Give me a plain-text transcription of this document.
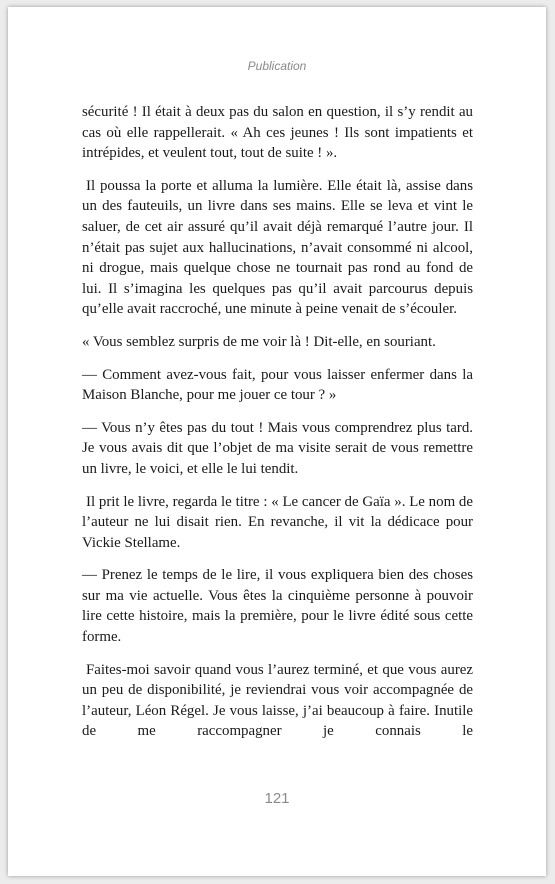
Publication

sécurité ! Il était à deux pas du salon en question, il s’y rendit au cas où elle rappellerait. « Ah ces jeunes ! Ils sont impatients et intrépides, et veulent tout, tout de suite ! ».

Il poussa la porte et alluma la lumière. Elle était là, assise dans un des fauteuils, un livre dans ses mains. Elle se leva et vint le saluer, de cet air assuré qu’il avait déjà remarqué l’autre jour. Il n’était pas sujet aux hallucinations, n’avait consommé ni alcool, ni drogue, mais quelque chose ne tournait pas rond au fond de lui. Il s’imagina les quelques pas qu’il avait parcourus depuis qu’elle avait raccroché, une minute à peine venait de s’écouler.

« Vous semblez surpris de me voir là ! Dit-elle, en souriant.

— Comment avez-vous fait, pour vous laisser enfermer dans la Maison Blanche, pour me jouer ce tour ? »

— Vous n’y êtes pas du tout ! Mais vous comprendrez plus tard. Je vous avais dit que l’objet de ma visite serait de vous remettre un livre, le voici, et elle le lui tendit.

Il prit le livre, regarda le titre : « Le cancer de Gaïa ». Le nom de l’auteur ne lui disait rien. En revanche, il vit la dédicace pour Vickie Stellame.

— Prenez le temps de le lire, il vous expliquera bien des choses sur ma vie actuelle. Vous êtes la cinquième personne à pouvoir lire cette histoire, mais la première, pour le livre édité sous cette forme.

Faites-moi savoir quand vous l’aurez terminé, et que vous aurez un peu de disponibilité, je reviendrai vous voir accompagnée de l’auteur, Léon Régel. Je vous laisse, j’ai beaucoup à faire. Inutile de me raccompagner je connais le

121
